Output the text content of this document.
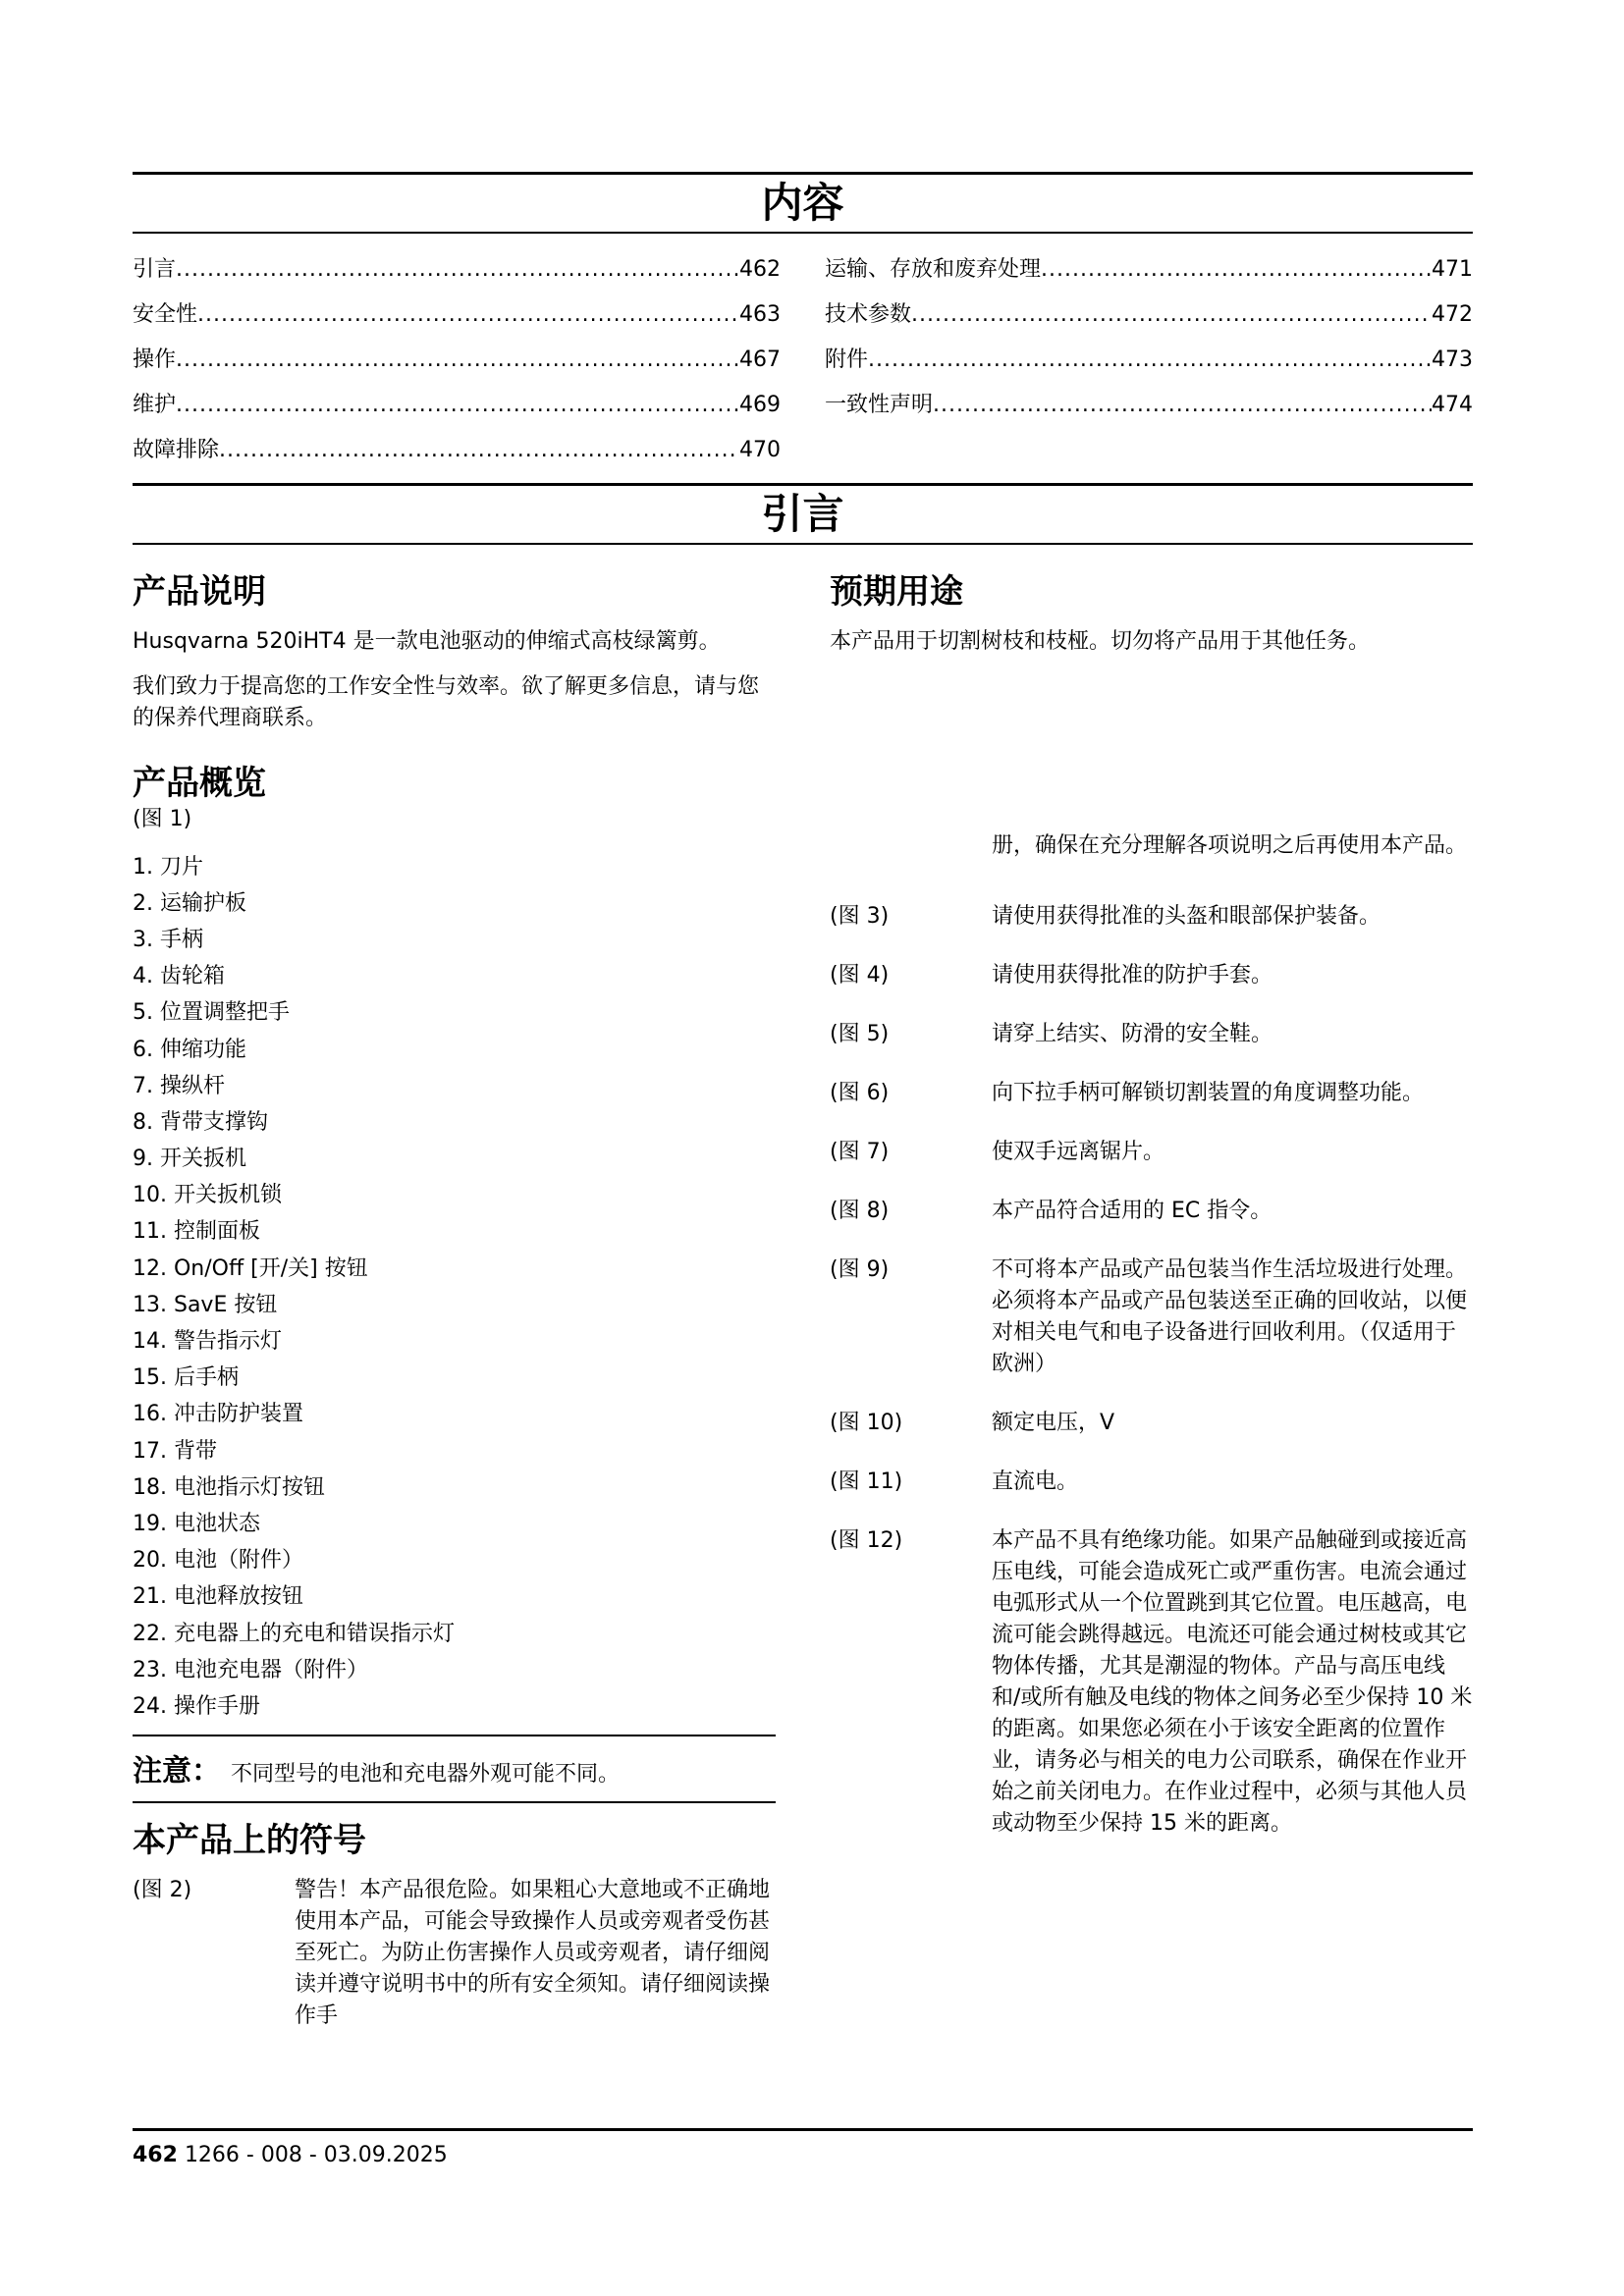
内容
引言 .....	462
安全性 .....	463
操作 .....	467
维护 .....	469
故障排除 .....	470
运输、存放和废弃处理 .....	471
技术参数 .....	472
附件 .....	473
一致性声明 .....	474
引言
产品说明

Husqvarna 520iHT4 是一款电池驱动的伸缩式高枝绿篱剪。

我们致力于提高您的工作安全性与效率。欲了解更多信息，请与您的保养代理商联系。

产品概览

(图 1)

1. 刀片
2. 运输护板
3. 手柄
4. 齿轮箱
5. 位置调整把手
6. 伸缩功能
7. 操纵杆
8. 背带支撑钩
9. 开关扳机
10. 开关扳机锁
11. 控制面板
12. On/Off [开/关] 按钮
13. SavE 按钮
14. 警告指示灯
15. 后手柄
16. 冲击防护装置
17. 背带
18. 电池指示灯按钮
19. 电池状态
20. 电池（附件）
21. 电池释放按钮
22. 充电器上的充电和错误指示灯
23. 电池充电器（附件）
24. 操作手册
注意： 不同型号的电池和充电器外观可能不同。
本产品上的符号
(图 2)	警告！本产品很危险。如果粗心大意地或不正确地使用本产品，可能会导致操作人员或旁观者受伤甚至死亡。为防止伤害操作人员或旁观者，请仔细阅读并遵守说明书中的所有安全须知。请仔细阅读操作手
预期用途

本产品用于切割树枝和枝桠。切勿将产品用于其他任务。

册，确保在充分理解各项说明之后再使用本产品。
(图 3)	请使用获得批准的头盔和眼部保护装备。
(图 4)	请使用获得批准的防护手套。
(图 5)	请穿上结实、防滑的安全鞋。
(图 6)	向下拉手柄可解锁切割装置的角度调整功能。
(图 7)	使双手远离锯片。
(图 8)	本产品符合适用的 EC 指令。
(图 9)	不可将本产品或产品包装当作生活垃圾进行处理。必须将本产品或产品包装送至正确的回收站，以便对相关电气和电子设备进行回收利用。（仅适用于欧洲）
(图 10)	额定电压，V
(图 11)	直流电。
(图 12)	本产品不具有绝缘功能。如果产品触碰到或接近高压电线，可能会造成死亡或严重伤害。电流会通过电弧形式从一个位置跳到其它位置。电压越高，电流可能会跳得越远。电流还可能会通过树枝或其它物体传播，尤其是潮湿的物体。产品与高压电线和/或所有触及电线的物体之间务必至少保持 10 米的距离。如果您必须在小于该安全距离的位置作业，请务必与相关的电力公司联系，确保在作业开始之前关闭电力。在作业过程中，必须与其他人员或动物至少保持 15 米的距离。
462 1266 - 008 - 03.09.2025
